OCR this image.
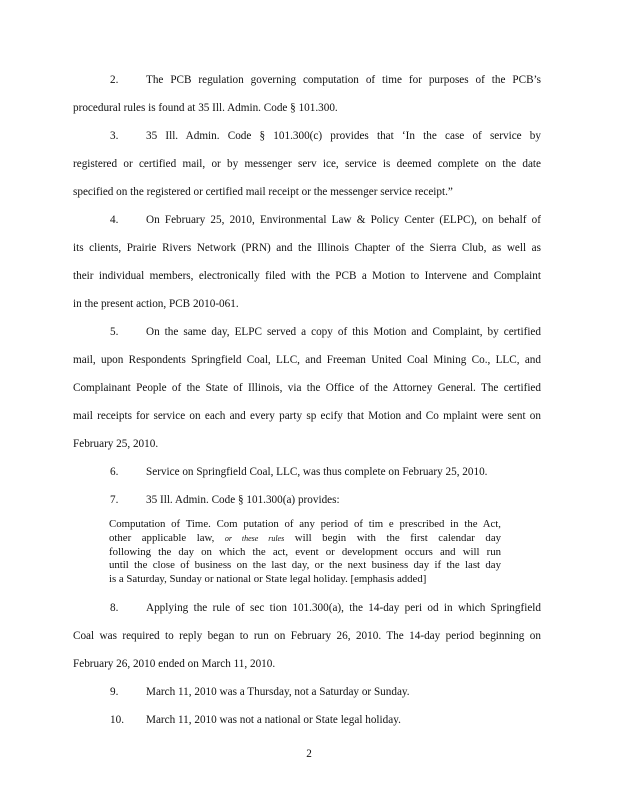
2. The PCB regulation governing computation of time for purposes of the PCB’s
procedural rules is found at 35 Ill. Admin. Code § 101.300.
3. 35 Ill. Admin. Code § 101.300(c) provides that ‘In the case of service by
registered or certified mail, or by messenger serv ice, service is deemed complete on the date
specified on the registered or certified mail receipt or the messenger service receipt.”
4. On February 25, 2010, Environmental Law & Policy Center (ELPC), on behalf of
its clients, Prairie Rivers Network (PRN) and the Illinois Chapter of the Sierra Club, as well as
their individual members, electronically filed with the PCB a Motion to Intervene and Complaint
in the present action, PCB 2010-061.
5. On the same day, ELPC served a copy of this Motion and Complaint, by certified
mail, upon Respondents Springfield Coal, LLC, and Freeman United Coal Mining Co., LLC, and
Complainant People of the State of Illinois, via the Office of the Attorney General. The certified
mail receipts for service on each and every party sp ecify that Motion and Co mplaint were sent on
February 25, 2010.
6. Service on Springfield Coal, LLC, was thus complete on February 25, 2010.
7. 35 Ill. Admin. Code § 101.300(a) provides:
Computation of Time. Com putation of any period of tim e prescribed in the Act,
other applicable law, or these rules will begin with the first calendar day
following the day on which the act, event or development occurs and will run
until the close of business on the last day, or the next business day if the last day
is a Saturday, Sunday or national or State legal holiday. [emphasis added]
8. Applying the rule of sec tion 101.300(a), the 14-day peri od in which Springfield
Coal was required to reply began to run on February 26, 2010. The 14-day period beginning on
February 26, 2010 ended on March 11, 2010.
9. March 11, 2010 was a Thursday, not a Saturday or Sunday.
10. March 11, 2010 was not a national or State legal holiday.
2
